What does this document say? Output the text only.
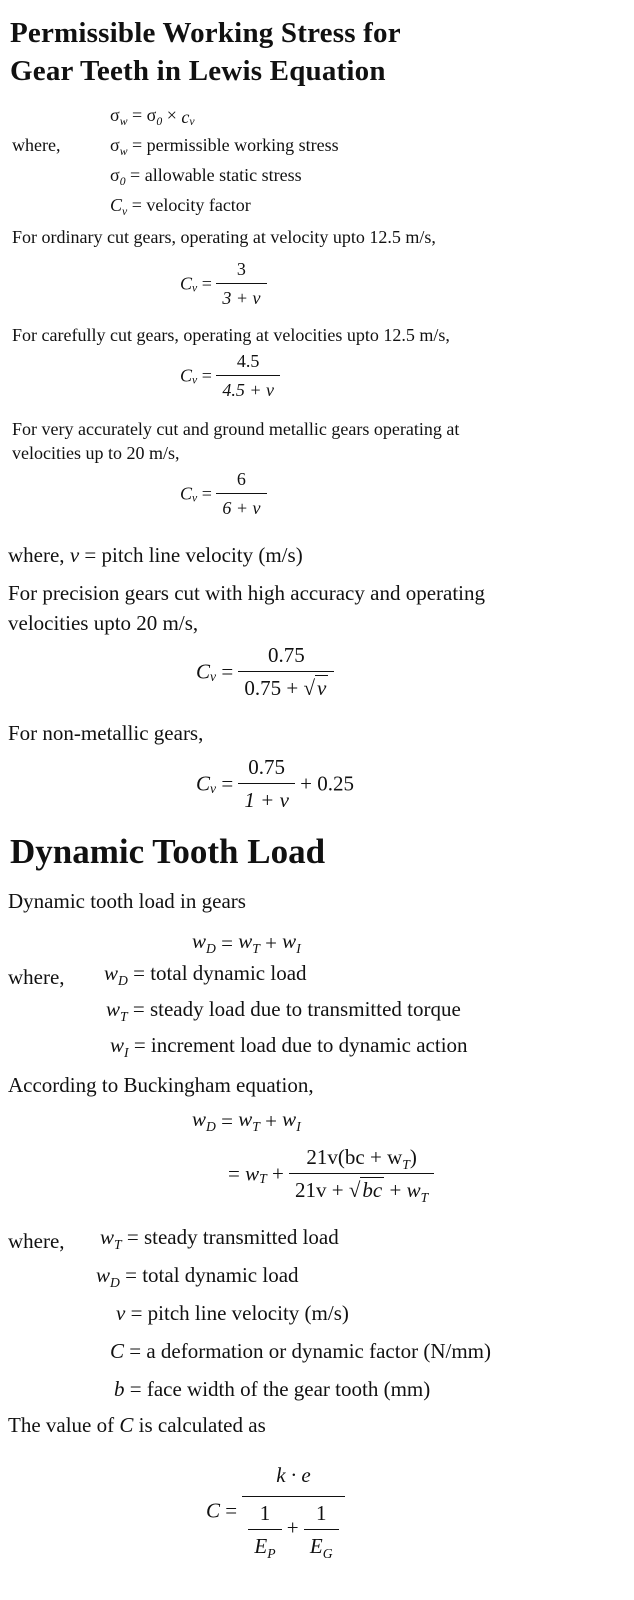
Permissible Working Stress for
Gear Teeth in Lewis Equation
$\sigma_w = \sigma_0 \times c_v$
where,	$\sigma_w$ = permissible working stress
$\sigma_0$ = allowable static stress
$C_v$ = velocity factor
For ordinary cut gears, operating at velocity upto 12.5 m/s,
$C_v = \frac{3}{3 + v}$
For carefully cut gears, operating at velocities upto 12.5 m/s,
$C_v = \frac{4.5}{4.5 + v}$
For very accurately cut and ground metallic gears operating at
velocities up to 20 m/s,
$C_v = \frac{6}{6 + v}$
where, v = pitch line velocity (m/s)
For precision gears cut with high accuracy and operating
velocities upto 20 m/s,
$C_v = \frac{0.75}{0.75 + √v}$
For non-metallic gears,
$C_v = \frac{0.75}{1 + v} + 0.25$
Dynamic Tooth Load
Dynamic tooth load in gears
$w_D = w_T + w_I$
where, $w_D$ = total dynamic load
$w_T$ = steady load due to transmitted torque
$w_I$ = increment load due to dynamic action
According to Buckingham equation,
$w_D = w_T + w_I$
= $w_T + \frac{21v(bc + w_T)}{21v + √bc + w_T}$
where, $w_T$ = steady transmitted load
$w_D$ = total dynamic load
v = pitch line velocity (m/s)
C = a deformation or dynamic factor (N/mm)
b = face width of the gear tooth (mm)
The value of C is calculated as
$C = \frac{k \cdot e}{\frac{1}{E_P} + \frac{1}{E_G}}$
